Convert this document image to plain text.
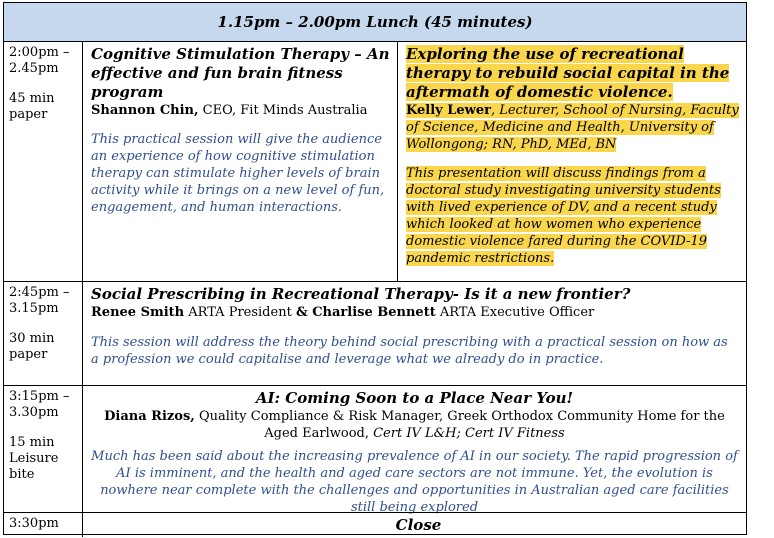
1.15pm – 2.00pm Lunch (45 minutes)
2:00pm –
2.45pm
45 min
paper
Cognitive Stimulation Therapy – An effective and fun brain fitness program
Shannon Chin, CEO, Fit Minds Australia
This practical session will give the audience an experience of how cognitive stimulation therapy can stimulate higher levels of brain activity while it brings on a new level of fun, engagement, and human interactions.
Exploring the use of recreational therapy to rebuild social capital in the aftermath of domestic violence.
Kelly Lewer, Lecturer, School of Nursing, Faculty of Science, Medicine and Health, University of Wollongong; RN, PhD, MEd, BN
This presentation will discuss findings from a doctoral study investigating university students with lived experience of DV, and a recent study which looked at how women who experience domestic violence fared during the COVID-19 pandemic restrictions.
2:45pm –
3.15pm
30 min
paper
Social Prescribing in Recreational Therapy- Is it a new frontier?
Renee Smith ARTA President & Charlise Bennett ARTA Executive Officer
This session will address the theory behind social prescribing with a practical session on how as a profession we could capitalise and leverage what we already do in practice.
3:15pm –
3.30pm
15 min
Leisure
bite
AI: Coming Soon to a Place Near You!
Diana Rizos, Quality Compliance & Risk Manager, Greek Orthodox Community Home for the Aged Earlwood, Cert IV L&H; Cert IV Fitness
Much has been said about the increasing prevalence of AI in our society. The rapid progression of AI is imminent, and the health and aged care sectors are not immune. Yet, the evolution is nowhere near complete with the challenges and opportunities in Australian aged care facilities still being explored
3:30pm	Close
